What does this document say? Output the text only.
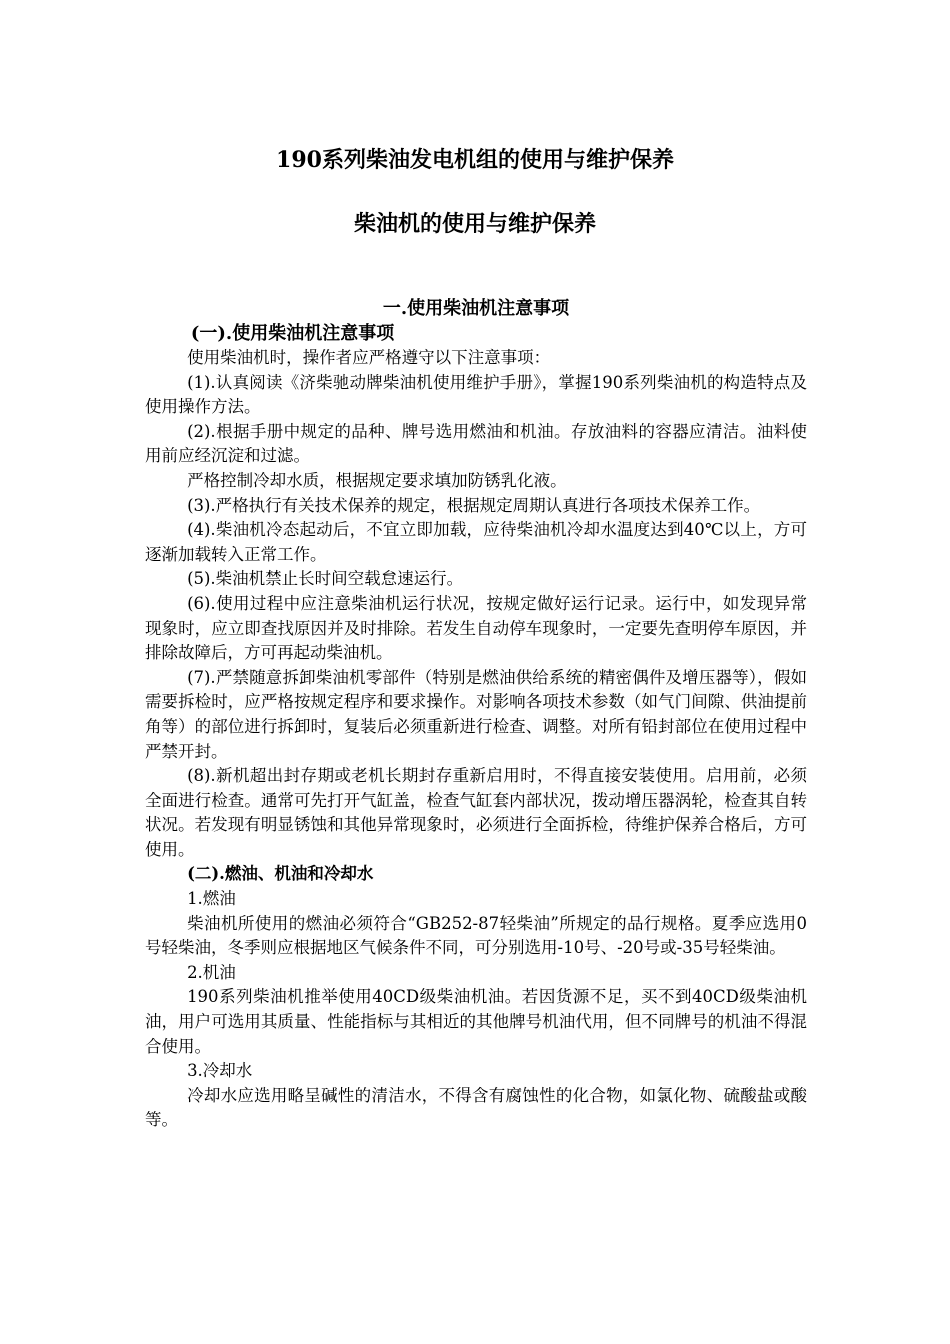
190系列柴油发电机组的使用与维护保养
柴油机的使用与维护保养

一.使用柴油机注意事项

(一).使用柴油机注意事项

使用柴油机时，操作者应严格遵守以下注意事项：

(1).认真阅读《济柴驰动牌柴油机使用维护手册》，掌握190系列柴油机的构造特点及使用操作方法。

(2).根据手册中规定的品种、牌号选用燃油和机油。存放油料的容器应清洁。油料使用前应经沉淀和过滤。

严格控制冷却水质，根据规定要求填加防锈乳化液。

(3).严格执行有关技术保养的规定，根据规定周期认真进行各项技术保养工作。

(4).柴油机冷态起动后，不宜立即加载，应待柴油机冷却水温度达到40℃以上，方可逐渐加载转入正常工作。

(5).柴油机禁止长时间空载怠速运行。

(6).使用过程中应注意柴油机运行状况，按规定做好运行记录。运行中，如发现异常现象时，应立即查找原因并及时排除。若发生自动停车现象时，一定要先查明停车原因，并排除故障后，方可再起动柴油机。

(7).严禁随意拆卸柴油机零部件（特别是燃油供给系统的精密偶件及增压器等），假如需要拆检时，应严格按规定程序和要求操作。对影响各项技术参数（如气门间隙、供油提前角等）的部位进行拆卸时，复装后必须重新进行检查、调整。对所有铅封部位在使用过程中严禁开封。

(8).新机超出封存期或老机长期封存重新启用时，不得直接安装使用。启用前，必须全面进行检查。通常可先打开气缸盖，检查气缸套内部状况，拨动增压器涡轮，检查其自转状况。若发现有明显锈蚀和其他异常现象时，必须进行全面拆检，待维护保养合格后，方可使用。

(二).燃油、机油和冷却水

1.燃油

柴油机所使用的燃油必须符合“GB252-87轻柴油”所规定的品行规格。夏季应选用0号轻柴油，冬季则应根据地区气候条件不同，可分别选用-10号、-20号或-35号轻柴油。

2.机油

190系列柴油机推举使用40CD级柴油机油。若因货源不足，买不到40CD级柴油机油，用户可选用其质量、性能指标与其相近的其他牌号机油代用，但不同牌号的机油不得混合使用。

3.冷却水

冷却水应选用略呈碱性的清洁水，不得含有腐蚀性的化合物，如氯化物、硫酸盐或酸等。
